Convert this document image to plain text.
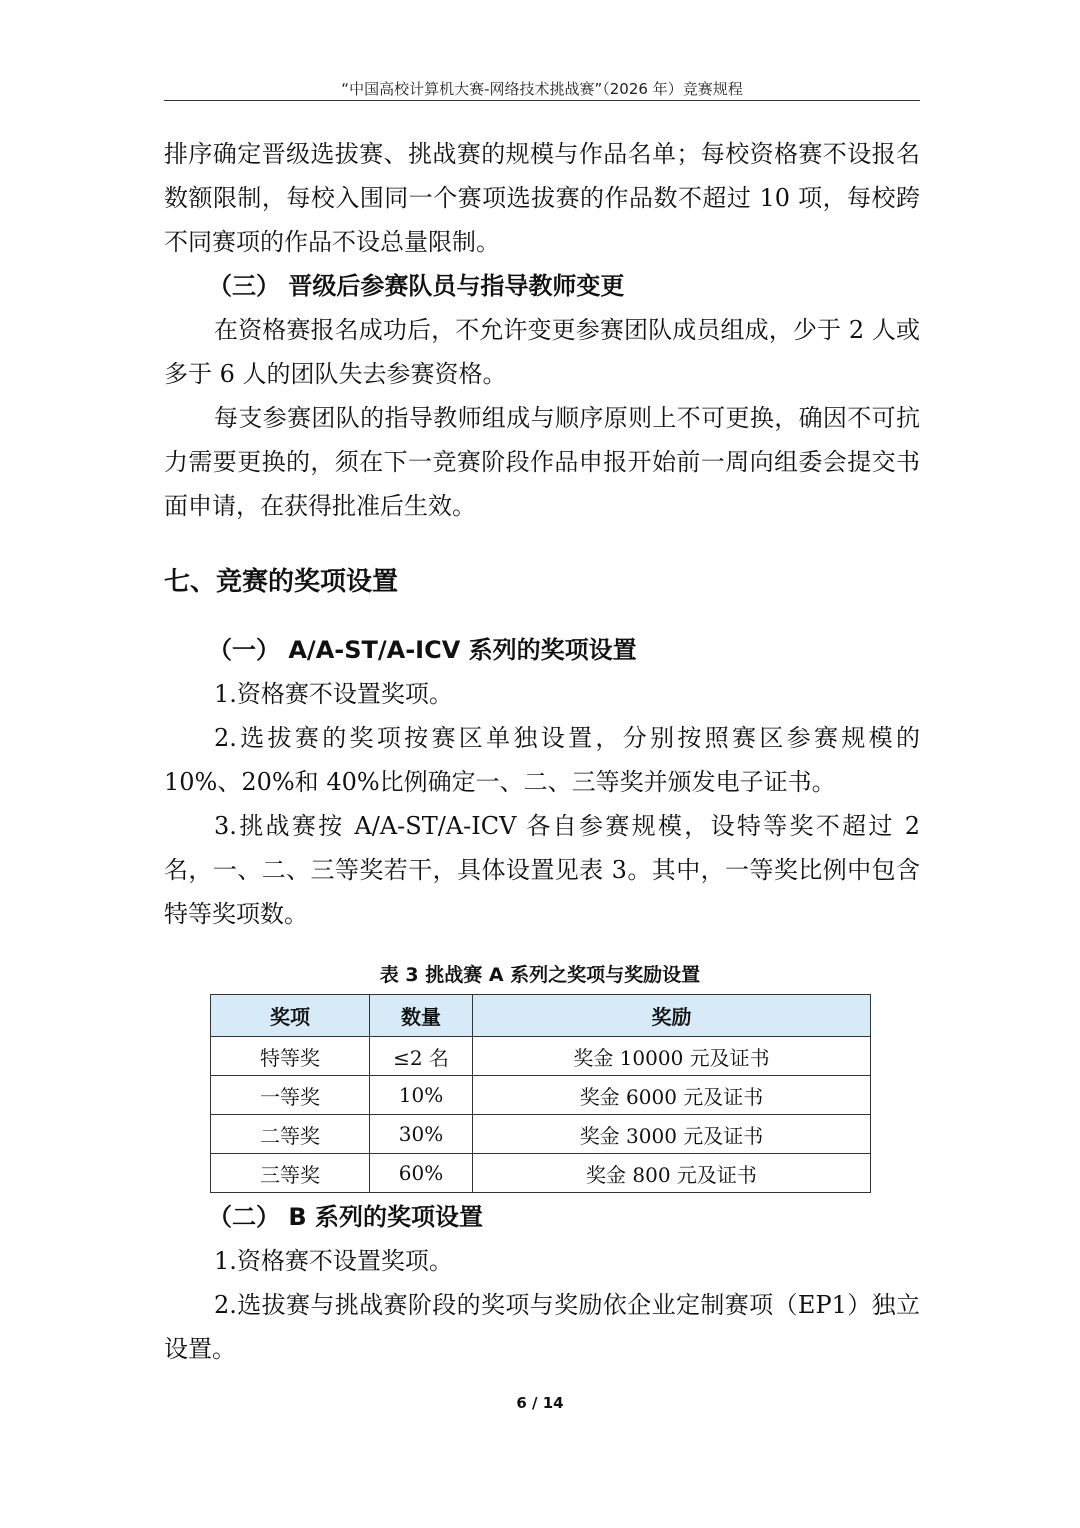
“中国高校计算机大赛-网络技术挑战赛”（2026 年）竞赛规程
排序确定晋级选拔赛、挑战赛的规模与作品名单；每校资格赛不设报名数额限制，每校入围同一个赛项选拔赛的作品数不超过 10 项，每校跨不同赛项的作品不设总量限制。
（三） 晋级后参赛队员与指导教师变更
在资格赛报名成功后，不允许变更参赛团队成员组成，少于 2 人或多于 6 人的团队失去参赛资格。
每支参赛团队的指导教师组成与顺序原则上不可更换，确因不可抗力需要更换的，须在下一竞赛阶段作品申报开始前一周向组委会提交书面申请，在获得批准后生效。
七、竞赛的奖项设置
（一） A/A-ST/A-ICV 系列的奖项设置
1.资格赛不设置奖项。
2.选拔赛的奖项按赛区单独设置，分别按照赛区参赛规模的 10%、20%和 40%比例确定一、二、三等奖并颁发电子证书。
3.挑战赛按 A/A-ST/A-ICV 各自参赛规模，设特等奖不超过 2 名，一、二、三等奖若干，具体设置见表 3。其中，一等奖比例中包含特等奖项数。
表 3 挑战赛 A 系列之奖项与奖励设置
奖项	数量	奖励
特等奖	≤2 名	奖金 10000 元及证书
一等奖	10%	奖金 6000 元及证书
二等奖	30%	奖金 3000 元及证书
三等奖	60%	奖金 800 元及证书
（二） B 系列的奖项设置
1.资格赛不设置奖项。
2.选拔赛与挑战赛阶段的奖项与奖励依企业定制赛项（EP1）独立设置。
6 / 14
